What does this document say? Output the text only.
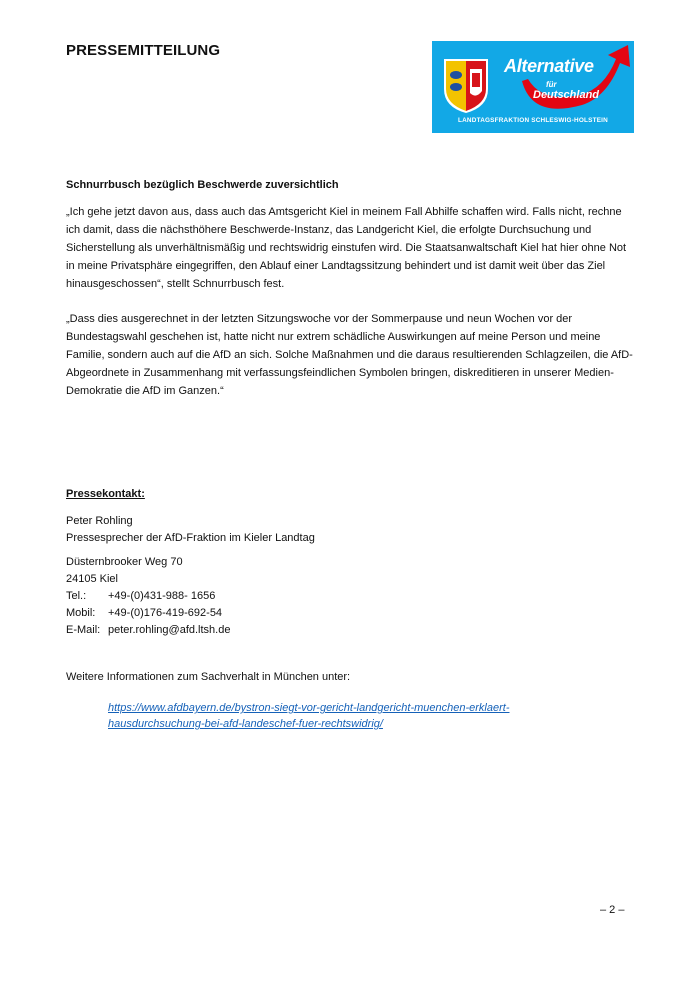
PRESSEMITTEILUNG
Alternative
für
Deutschland
LANDTAGSFRAKTION SCHLESWIG-HOLSTEIN
Schnurrbusch bezüglich Beschwerde zuversichtlich
„Ich gehe jetzt davon aus, dass auch das Amtsgericht Kiel in meinem Fall Abhilfe schaffen wird. Falls nicht, rechne ich damit, dass die nächsthöhere Beschwerde-Instanz, das Landgericht Kiel, die erfolgte Durchsuchung und Sicherstellung als unverhältnismäßig und rechtswidrig einstufen wird. Die Staatsanwaltschaft Kiel hat hier ohne Not in meine Privatsphäre eingegriffen, den Ablauf einer Landtagssitzung behindert und ist damit weit über das Ziel hinausgeschossen“, stellt Schnurrbusch fest.
„Dass dies ausgerechnet in der letzten Sitzungswoche vor der Sommerpause und neun Wochen vor der Bundestagswahl geschehen ist, hatte nicht nur extrem schädliche Auswirkungen auf meine Person und meine Familie, sondern auch auf die AfD an sich. Solche Maßnahmen und die daraus resultierenden Schlagzeilen, die AfD-Abgeordnete in Zusammenhang mit verfassungsfeindlichen Symbolen bringen, diskreditieren in unserer Medien-Demokratie die AfD im Ganzen.“
Pressekontakt:
Peter Rohling
Pressesprecher der AfD-Fraktion im Kieler Landtag
Düsternbrooker Weg 70
24105 Kiel
Tel.: +49-(0)431-988- 1656
Mobil: +49-(0)176-419-692-54
E-Mail: peter.rohling@afd.ltsh.de
Weitere Informationen zum Sachverhalt in München unter:
https://www.afdbayern.de/bystron-siegt-vor-gericht-landgericht-muenchen-erklaert-
hausdurchsuchung-bei-afd-landeschef-fuer-rechtswidrig/
– 2 –
